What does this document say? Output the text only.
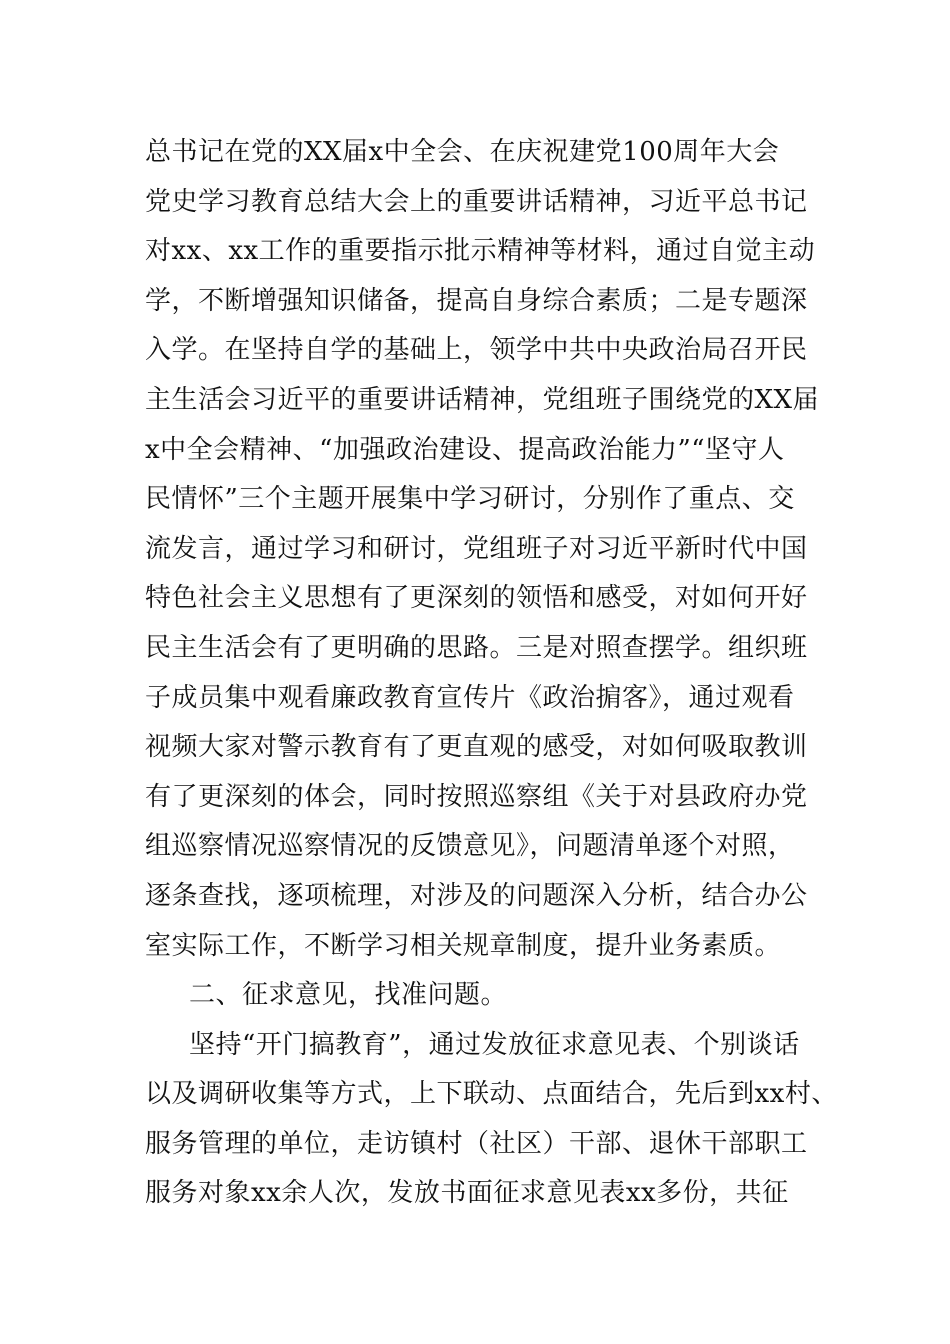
总书记在党的XX届x中全会、在庆祝建党100周年大会
党史学习教育总结大会上的重要讲话精神，习近平总书记
对xx、xx工作的重要指示批示精神等材料，通过自觉主动
学，不断增强知识储备，提高自身综合素质；二是专题深
入学。在坚持自学的基础上，领学中共中央政治局召开民
主生活会习近平的重要讲话精神，党组班子围绕党的XX届
x中全会精神、“加强政治建设、提高政治能力”“坚守人
民情怀”三个主题开展集中学习研讨，分别作了重点、交
流发言，通过学习和研讨，党组班子对习近平新时代中国
特色社会主义思想有了更深刻的领悟和感受，对如何开好
民主生活会有了更明确的思路。三是对照查摆学。组织班
子成员集中观看廉政教育宣传片《政治掮客》，通过观看
视频大家对警示教育有了更直观的感受，对如何吸取教训
有了更深刻的体会，同时按照巡察组《关于对县政府办党
组巡察情况巡察情况的反馈意见》，问题清单逐个对照，
逐条查找，逐项梳理，对涉及的问题深入分析，结合办公
室实际工作，不断学习相关规章制度，提升业务素质。
二、征求意见，找准问题。
坚持“开门搞教育”，通过发放征求意见表、个别谈话
以及调研收集等方式，上下联动、点面结合，先后到xx村、
服务管理的单位，走访镇村（社区）干部、退休干部职工
服务对象xx余人次，发放书面征求意见表xx多份，共征
